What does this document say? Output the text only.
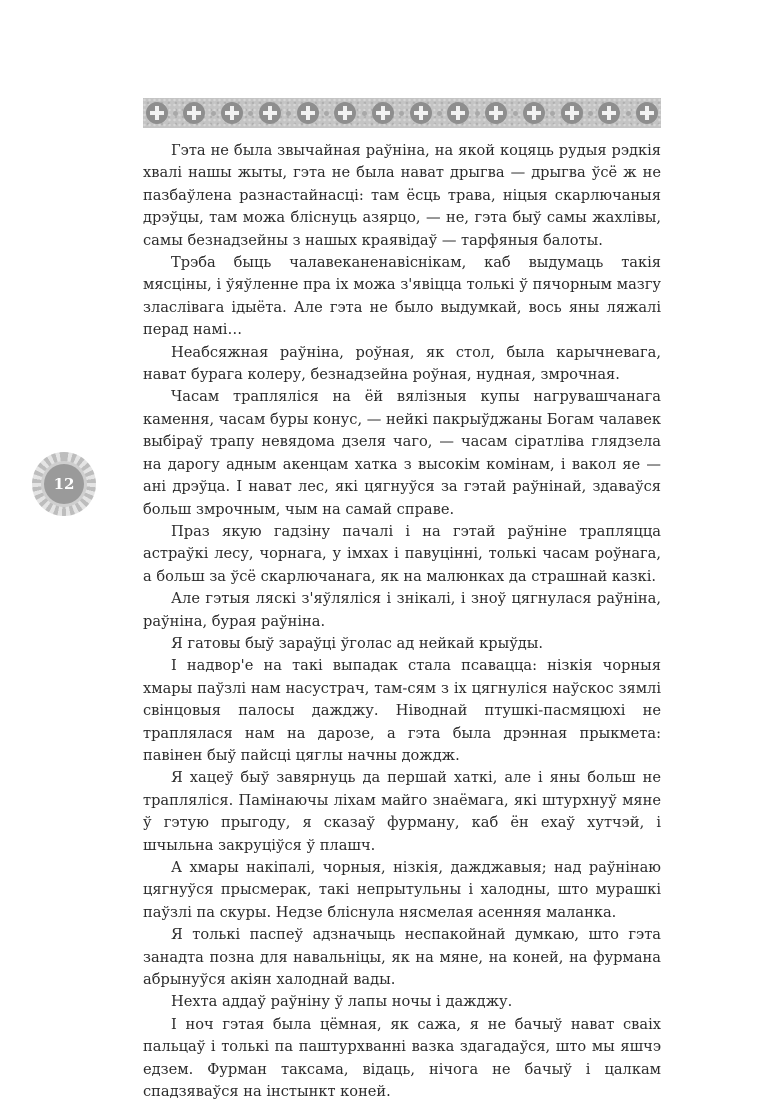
12

Гэта не была звычайная раўніна, на якой коцяць рудыя рэдкія хвалі нашы жыты, гэта не была нават дрыгва — дрыгва ўсё ж не пазбаўлена разнастайнасці: там ёсць трава, ніцыя скарлючаныя дрэўцы, там можа бліснуць азярцо, — не, гэта быў самы жахлівы, самы безнадзейны з нашых краявідаў — тарфяныя балоты.

Трэба быць чалавеканенавіснікам, каб выдумаць такія мясціны, і ўяўленне пра іх можа з'явіцца толькі ў пячорным мазгу зласлівага ідыёта. Але гэта не было выдумкай, вось яны ляжалі перад намі…

Неабсяжная раўніна, роўная, як стол, была карычневага, нават бурага колеру, безнадзейна роўная, нудная, змрочная.

Часам трапляліся на ёй вялізныя купы нагрувашчанага камення, часам буры конус, — нейкі пакрыўджаны Богам чалавек выбіраў трапу невядома дзеля чаго, — часам сіратліва глядзела на дарогу адным акенцам хатка з высокім комінам, і вакол яе — ані дрэўца. І нават лес, які цягнуўся за гэтай раўнінай, здаваўся больш змрочным, чым на самай справе.

Праз якую гадзіну пачалі і на гэтай раўніне трапляцца астраўкі лесу, чорнага, у імхах і павуцінні, толькі часам роўнага, а больш за ўсё скарлючанага, як на малюнках да страшнай казкі.

Але гэтыя ляскі з'яўляліся і знікалі, і зноў цягнулася раўніна, раўніна, бурая раўніна.

Я гатовы быў зараўці ўголас ад нейкай крыўды.

І надвор'е на такі выпадак стала псавацца: нізкія чорныя хмары паўзлі нам насустрач, там-сям з іх цягнуліся наўскос зямлі свінцовыя палосы дажджу. Ніводнай птушкі-пасмяцюхі не траплялася нам на дарозе, а гэта была дрэнная прыкмета: павінен быў пайсці цяглы начны дождж.

Я хацеў быў завярнуць да першай хаткі, але і яны больш не трапляліся. Памінаючы ліхам майго знаёмага, які штурхнуў мяне ў гэтую прыгоду, я сказаў фурману, каб ён ехаў хутчэй, і шчыльна закруціўся ў плашч.

А хмары накіпалі, чорныя, нізкія, дажджавыя; над раўнінаю цягнуўся прысмерак, такі непрытульны і халодны, што мурашкі паўзлі па скуры. Недзе бліснула нясмелая асенняя маланка.

Я толькі паспеў адзначыць неспакойнай думкаю, што гэта занадта позна для навальніцы, як на мяне, на коней, на фурмана абрынуўся акіян халоднай вады.

Нехта аддаў раўніну ў лапы ночы і дажджу.

І ноч гэтая была цёмная, як сажа, я не бачыў нават сваіх пальцаў і толькі па паштурхванні вазка здагадаўся, што мы яшчэ едзем. Фурман таксама, відаць, нічога не бачыў і цалкам спадзяваўся на інстынкт коней.
